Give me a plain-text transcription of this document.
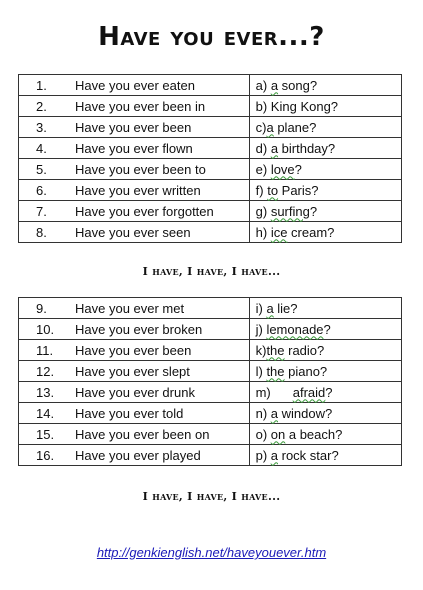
Have you ever...?
1. Have you ever eaten	a) a song?
2. Have you ever been in	b) King Kong?
3. Have you ever been	c)a plane?
4. Have you ever flown	d) a birthday?
5. Have you ever been to	e) love?
6. Have you ever written	f) to Paris?
7. Have you ever forgotten	g) surfing?
8. Have you ever seen	h) ice cream?
I have, I have, I have...
9. Have you ever met	i) a lie?
10. Have you ever broken	j) lemonade?
11. Have you ever been	k)the radio?
12. Have you ever slept	l) the piano?
13. Have you ever drunk	m) afraid?
14. Have you ever told	n) a window?
15. Have you ever been on	o) on a beach?
16. Have you ever played	p) a rock star?
I have, I have, I have...
http://genkienglish.net/haveyouever.htm
